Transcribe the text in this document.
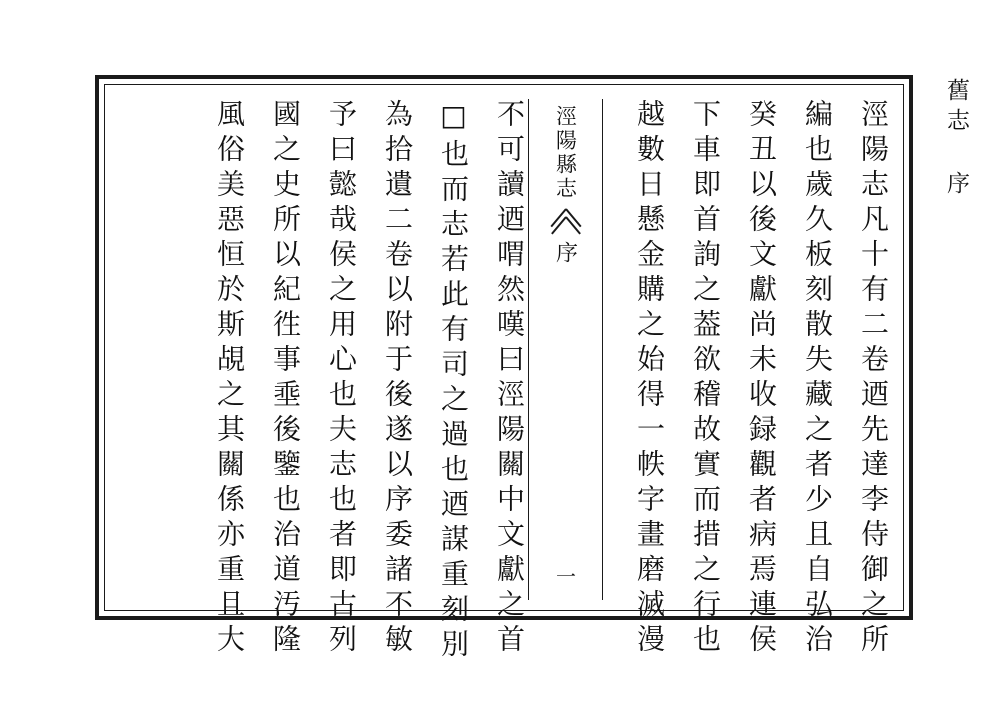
舊志 序
涇陽志凡十有二卷迺先達李侍御之所
編也歲久板刻散失藏之者少且自弘治
癸丑以後文獻尚未收録觀者病焉連侯
下車即首詢之葢欲稽故實而措之行也
越數日懸金購之始得一帙字畫磨滅漫
涇陽縣志
序
一
不可讀迺喟然嘆曰涇陽關中文獻之首
□也而志若此有司之過也迺謀重刻別
為拾遺二卷以附于後遂以序委諸不敏
予曰懿哉侯之用心也夫志也者即古列
國之史所以紀徃事埀後鑒也治道汚隆
風俗美惡恒於斯覘之其關係亦重且大
